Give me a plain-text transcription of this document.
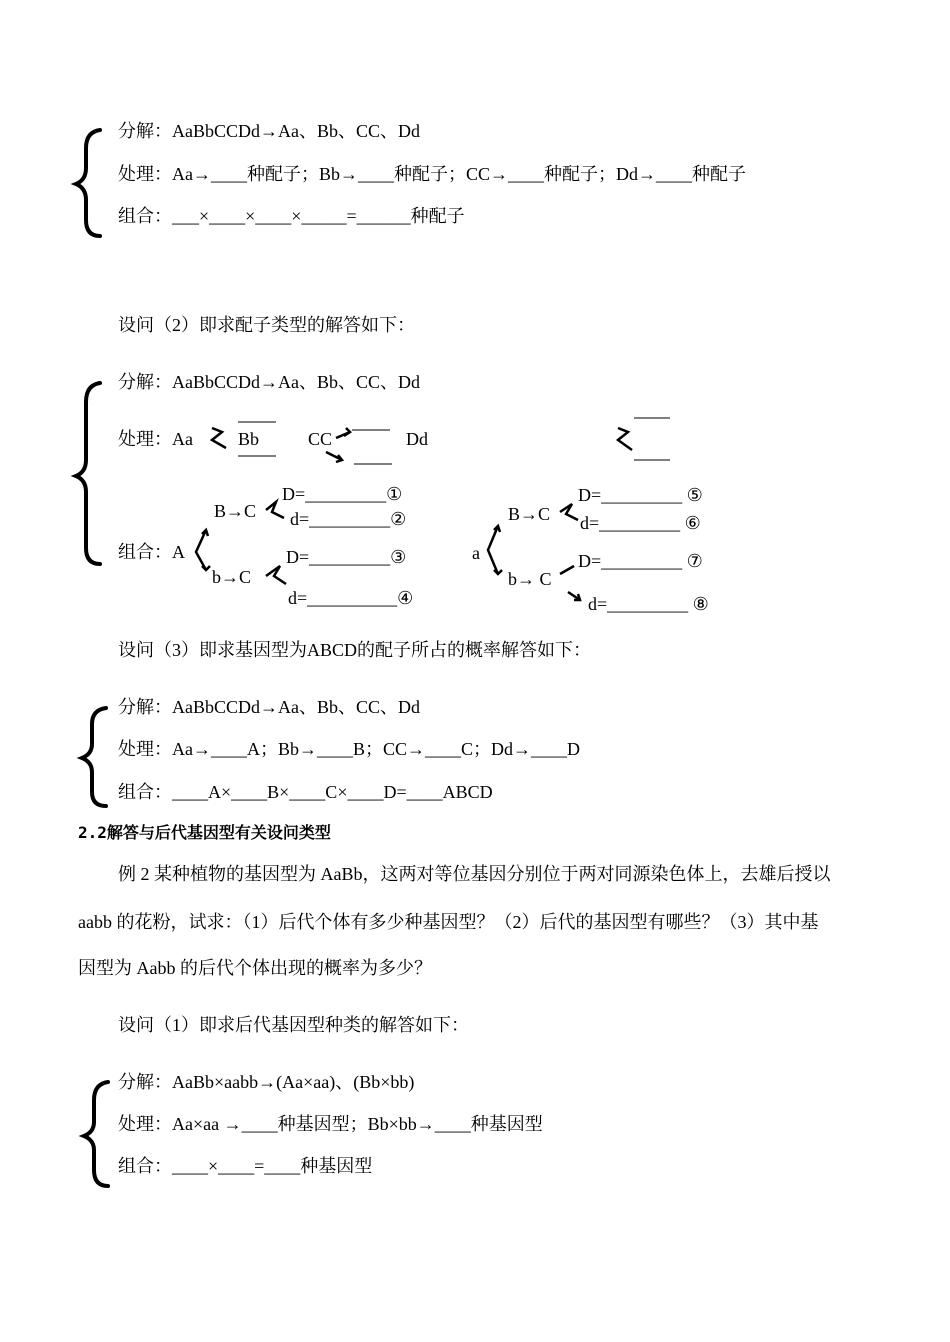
分解：AaBbCCDd→Aa、Bb、CC、Dd
处理：Aa→____种配子；Bb→____种配子；CC→____种配子；Dd→____种配子
组合：___×____×____×_____=______种配子
设问（2）即求配子类型的解答如下：
分解：AaBbCCDd→Aa、Bb、CC、Dd
处理：Aa	Bb	CC	Dd
组合：A
B→C
b→C
D=_________①
d=_________②
D=_________③
d=__________④
a
B→C
b→ C
D=_________ ⑤
d=_________ ⑥
D=_________ ⑦
d=_________ ⑧
设问（3）即求基因型为ABCD的配子所占的概率解答如下：
分解：AaBbCCDd→Aa、Bb、CC、Dd
处理：Aa→____A；Bb→____B；CC→____C；Dd→____D
组合：____A×____B×____C×____D=____ABCD
2.2解答与后代基因型有关设问类型
例 2 某种植物的基因型为 AaBb，这两对等位基因分别位于两对同源染色体上，去雄后授以
aabb 的花粉，试求：（1）后代个体有多少种基因型？（2）后代的基因型有哪些？（3）其中基
因型为 Aabb 的后代个体出现的概率为多少？
设问（1）即求后代基因型种类的解答如下：
分解：AaBb×aabb→(Aa×aa)、(Bb×bb)
处理：Aa×aa →____种基因型；Bb×bb→____种基因型
组合：____×____=____种基因型
